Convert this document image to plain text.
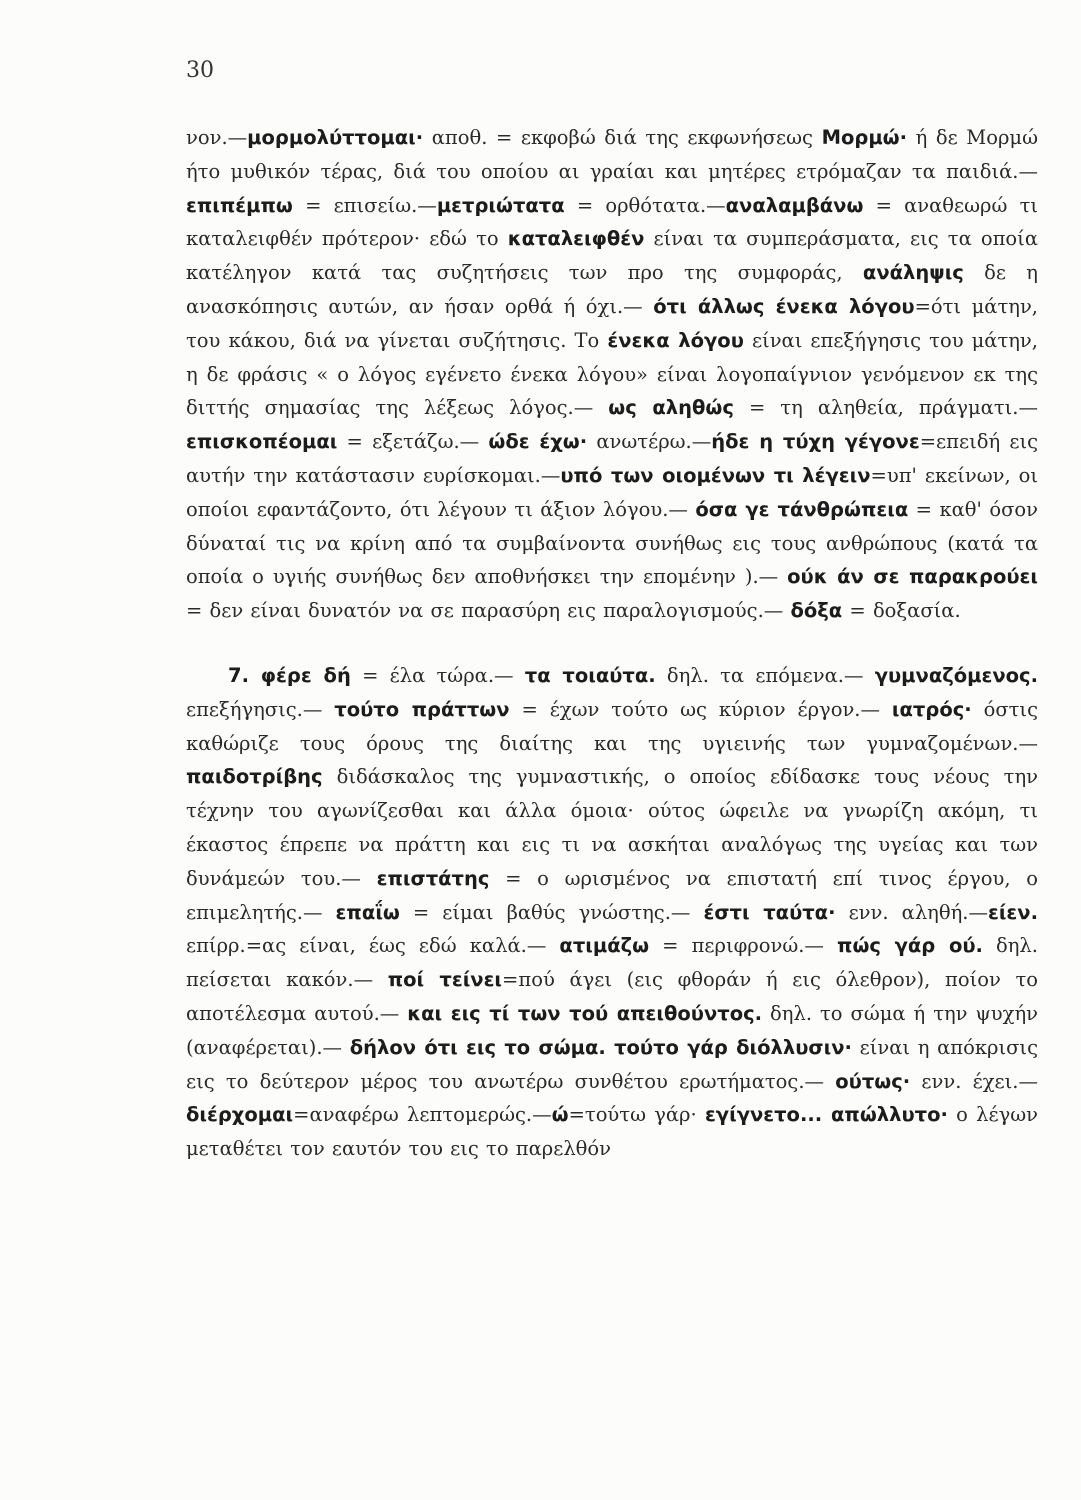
30

νον.—μορμολύττομαι· αποθ. = εκφοβώ διά της εκφωνήσεως Μορμώ· ή δε Μορμώ ήτο μυθικόν τέρας, διά του οποίου αι γραίαι και μητέρες ετρόμαζαν τα παιδιά.—επιπέμπω = επισείω.—μετριώτατα = ορθότατα.—αναλαμβάνω = αναθεωρώ τι καταλειφθέν πρότερον· εδώ το καταλειφθέν είναι τα συμπεράσματα, εις τα οποία κατέληγον κατά τας συζητήσεις των προ της συμφοράς, ανάληψις δε η ανασκόπησις αυτών, αν ήσαν ορθά ή όχι.— ότι άλλως ένεκα λόγου=ότι μάτην, του κάκου, διά να γίνεται συζήτησις. Το ένεκα λόγου είναι επεξήγησις του μάτην, η δε φράσις « ο λόγος εγένετο ένεκα λόγου» είναι λογοπαίγνιον γενόμενον εκ της διττής σημασίας της λέξεως λόγος.— ως αληθώς = τη αληθεία, πράγματι.— επισκοπέομαι = εξετάζω.— ώδε έχω· ανωτέρω.—ήδε η τύχη γέγονε=επειδή εις αυτήν την κατάστασιν ευρίσκομαι.—υπό των οιομένων τι λέγειν=υπ' εκείνων, οι οποίοι εφαντάζοντο, ότι λέγουν τι άξιον λόγου.— όσα γε τάνθρώπεια = καθ' όσον δύναταί τις να κρίνη από τα συμβαίνοντα συνήθως εις τους ανθρώπους (κατά τα οποία ο υγιής συνήθως δεν αποθνήσκει την επομένην ).— ούκ άν σε παρακρούει = δεν είναι δυνατόν να σε παρασύρη εις παραλογισμούς.— δόξα = δοξασία.

7. φέρε δή = έλα τώρα.— τα τοιαύτα. δηλ. τα επόμενα.— γυμναζόμενος. επεξήγησις.— τούτο πράττων = έχων τούτο ως κύριον έργον.— ιατρός· όστις καθώριζε τους όρους της διαίτης και της υγιεινής των γυμναζομένων.— παιδοτρίβης διδάσκαλος της γυμναστικής, ο οποίος εδίδασκε τους νέους την τέχνην του αγωνίζεσθαι και άλλα όμοια· ούτος ώφειλε να γνωρίζη ακόμη, τι έκαστος έπρεπε να πράττη και εις τι να ασκήται αναλόγως της υγείας και των δυνάμεών του.— επιστάτης = ο ωρισμένος να επιστατή επί τινος έργου, ο επιμελητής.— επαΐω = είμαι βαθύς γνώστης.— έστι ταύτα· ενν. αληθή.—είεν. επίρρ.=ας είναι, έως εδώ καλά.— ατιμάζω = περιφρονώ.— πώς γάρ ού. δηλ. πείσεται κακόν.— ποί τείνει=πού άγει (εις φθοράν ή εις όλεθρον), ποίον το αποτέλεσμα αυτού.— και εις τί των τού απειθούντος. δηλ. το σώμα ή την ψυχήν (αναφέρεται).— δήλον ότι εις το σώμα. τούτο γάρ διόλλυσιν· είναι η απόκρισις εις το δεύτερον μέρος του ανωτέρω συνθέτου ερωτήματος.— ούτως· ενν. έχει.—διέρχομαι=αναφέρω λεπτομερώς.—ώ=τούτω γάρ· εγίγνετο... απώλλυτο· ο λέγων μεταθέτει τον εαυτόν του εις το παρελθόν
